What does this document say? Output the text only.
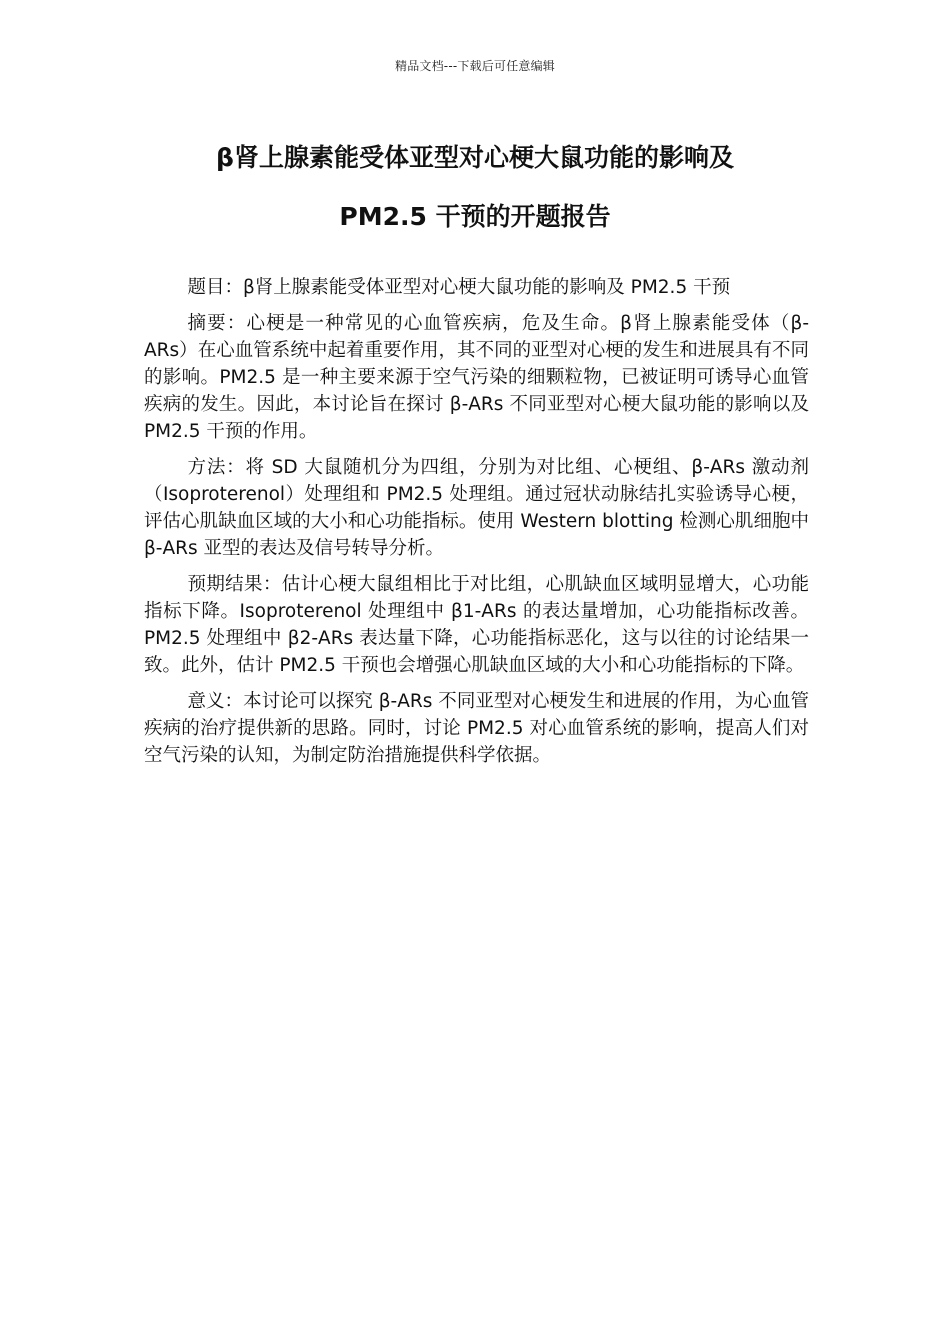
精品文档---下载后可任意编辑
β肾上腺素能受体亚型对心梗大鼠功能的影响及
PM2.5 干预的开题报告

题目：β肾上腺素能受体亚型对心梗大鼠功能的影响及 PM2.5 干预

摘要：心梗是一种常见的心血管疾病，危及生命。β肾上腺素能受体（β-ARs）在心血管系统中起着重要作用，其不同的亚型对心梗的发生和进展具有不同的影响。PM2.5 是一种主要来源于空气污染的细颗粒物，已被证明可诱导心血管疾病的发生。因此，本讨论旨在探讨 β-ARs 不同亚型对心梗大鼠功能的影响以及 PM2.5 干预的作用。

方法：将 SD 大鼠随机分为四组，分别为对比组、心梗组、β-ARs 激动剂（Isoproterenol）处理组和 PM2.5 处理组。通过冠状动脉结扎实验诱导心梗，评估心肌缺血区域的大小和心功能指标。使用 Western blotting 检测心肌细胞中 β-ARs 亚型的表达及信号转导分析。

预期结果：估计心梗大鼠组相比于对比组，心肌缺血区域明显增大，心功能指标下降。Isoproterenol 处理组中 β1-ARs 的表达量增加，心功能指标改善。PM2.5 处理组中 β2-ARs 表达量下降，心功能指标恶化，这与以往的讨论结果一致。此外，估计 PM2.5 干预也会增强心肌缺血区域的大小和心功能指标的下降。

意义：本讨论可以探究 β-ARs 不同亚型对心梗发生和进展的作用，为心血管疾病的治疗提供新的思路。同时，讨论 PM2.5 对心血管系统的影响，提高人们对空气污染的认知，为制定防治措施提供科学依据。
